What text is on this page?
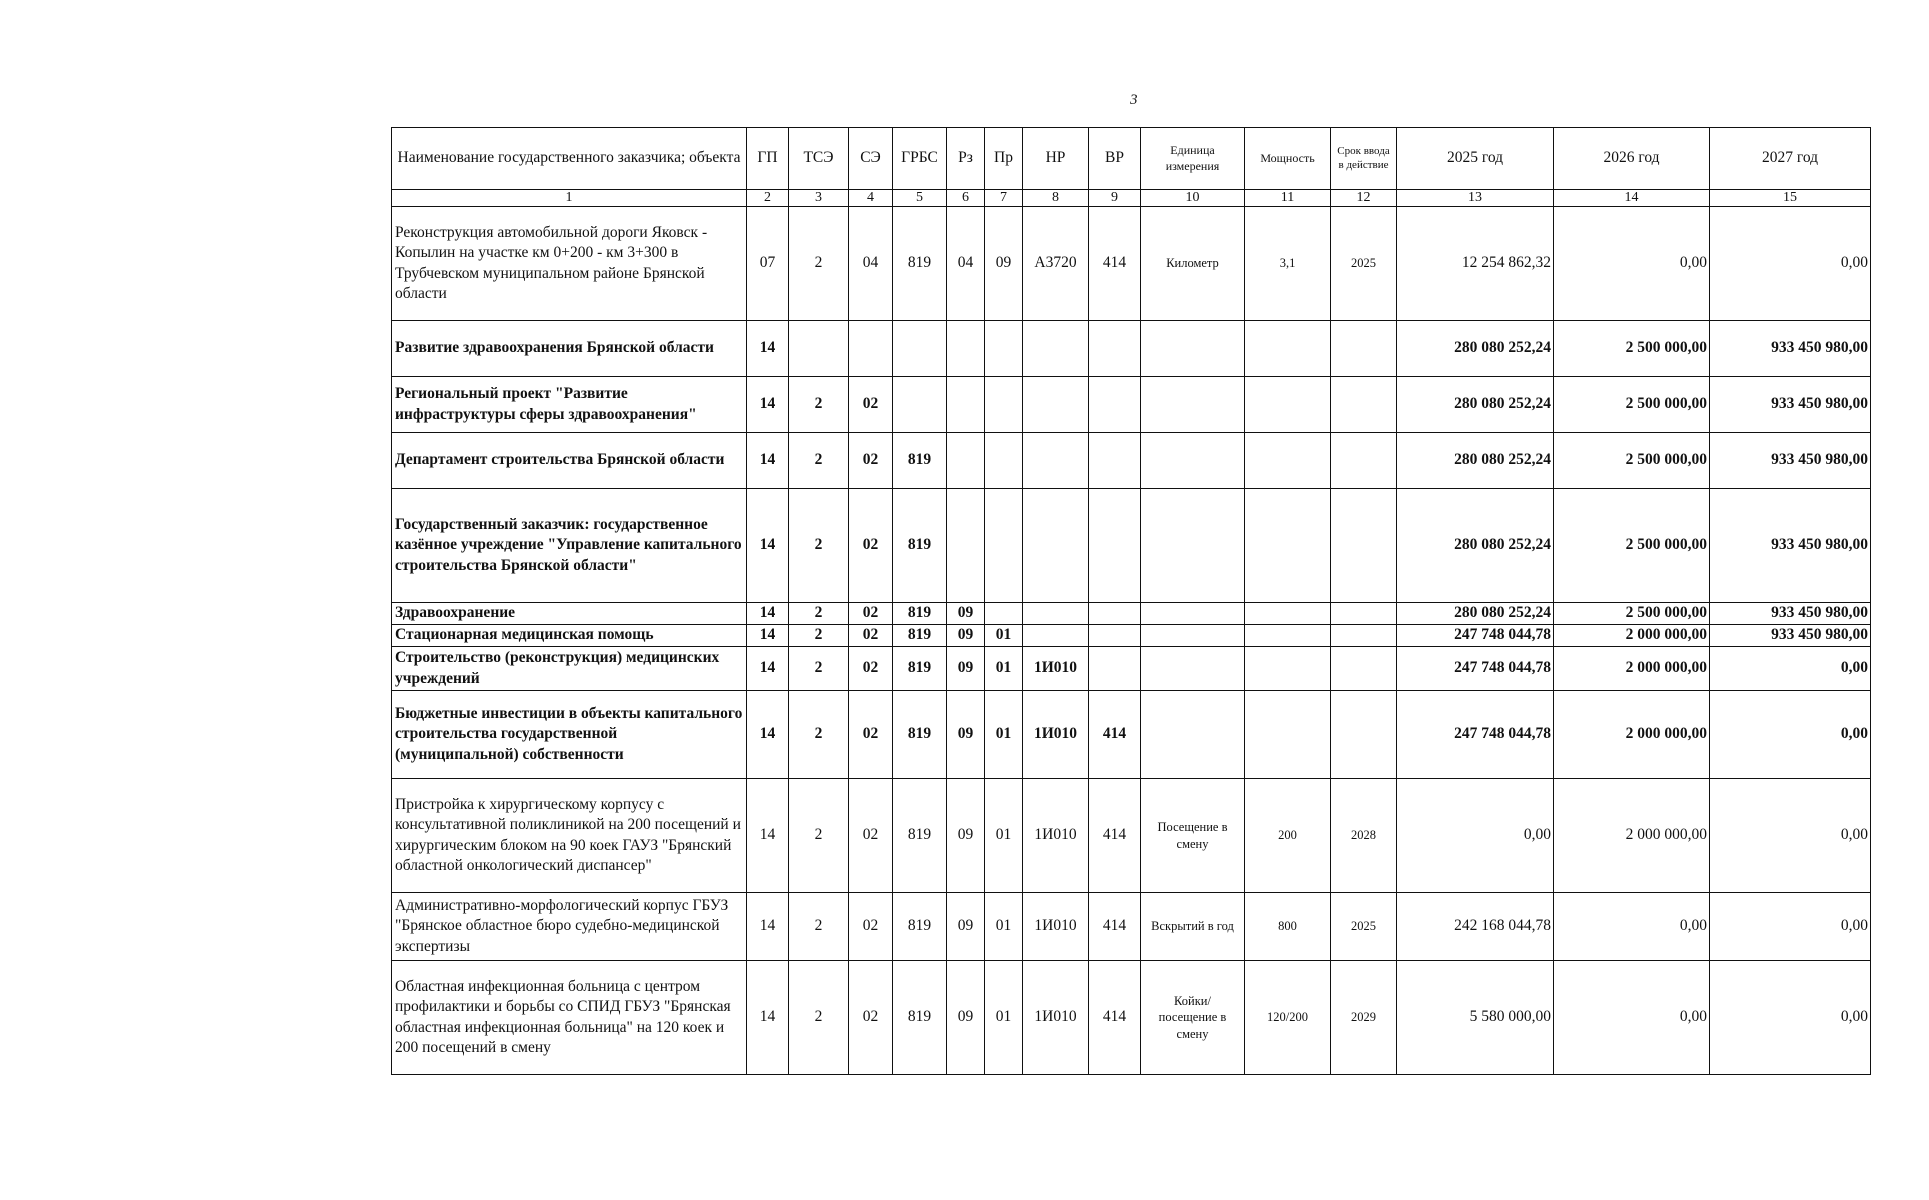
3
Наименование государственного заказчика; объекта	ГП	ТСЭ	СЭ	ГРБС	Рз	Пр	НР	ВР	Единица измерения	Мощность	Срок ввода в действие	2025 год	2026 год	2027 год
1	2	3	4	5	6	7	8	9	10	11	12	13	14	15
Реконструкция автомобильной дороги Яковск - Копылин на участке км 0+200 - км 3+300 в Трубчевском муниципальном районе Брянской области	07	2	04	819	04	09	А3720	414	Километр	3,1	2025	12 254 862,32	0,00	0,00
Развитие здравоохранения Брянской области	14											280 080 252,24	2 500 000,00	933 450 980,00
Региональный проект "Развитие инфраструктуры сферы здравоохранения"	14	2	02									280 080 252,24	2 500 000,00	933 450 980,00
Департамент строительства Брянской области	14	2	02	819								280 080 252,24	2 500 000,00	933 450 980,00
Государственный заказчик: государственное казённое учреждение "Управление капитального строительства Брянской области"	14	2	02	819								280 080 252,24	2 500 000,00	933 450 980,00
Здравоохранение	14	2	02	819	09							280 080 252,24	2 500 000,00	933 450 980,00
Стационарная медицинская помощь	14	2	02	819	09	01						247 748 044,78	2 000 000,00	933 450 980,00
Строительство (реконструкция) медицинских учреждений	14	2	02	819	09	01	1И010					247 748 044,78	2 000 000,00	0,00
Бюджетные инвестиции в объекты капитального строительства государственной (муниципальной) собственности	14	2	02	819	09	01	1И010	414				247 748 044,78	2 000 000,00	0,00
Пристройка к хирургическому корпусу с консультативной поликлиникой на 200 посещений и хирургическим блоком на 90 коек ГАУЗ "Брянский областной онкологический диспансер"	14	2	02	819	09	01	1И010	414	Посещение в смену	200	2028	0,00	2 000 000,00	0,00
Административно-морфологический корпус ГБУЗ "Брянское областное бюро судебно-медицинской экспертизы	14	2	02	819	09	01	1И010	414	Вскрытий в год	800	2025	242 168 044,78	0,00	0,00
Областная инфекционная больница с центром профилактики и борьбы со СПИД ГБУЗ "Брянская областная инфекционная больница" на 120 коек и 200 посещений в смену	14	2	02	819	09	01	1И010	414	Койки/ посещение в смену	120/200	2029	5 580 000,00	0,00	0,00
